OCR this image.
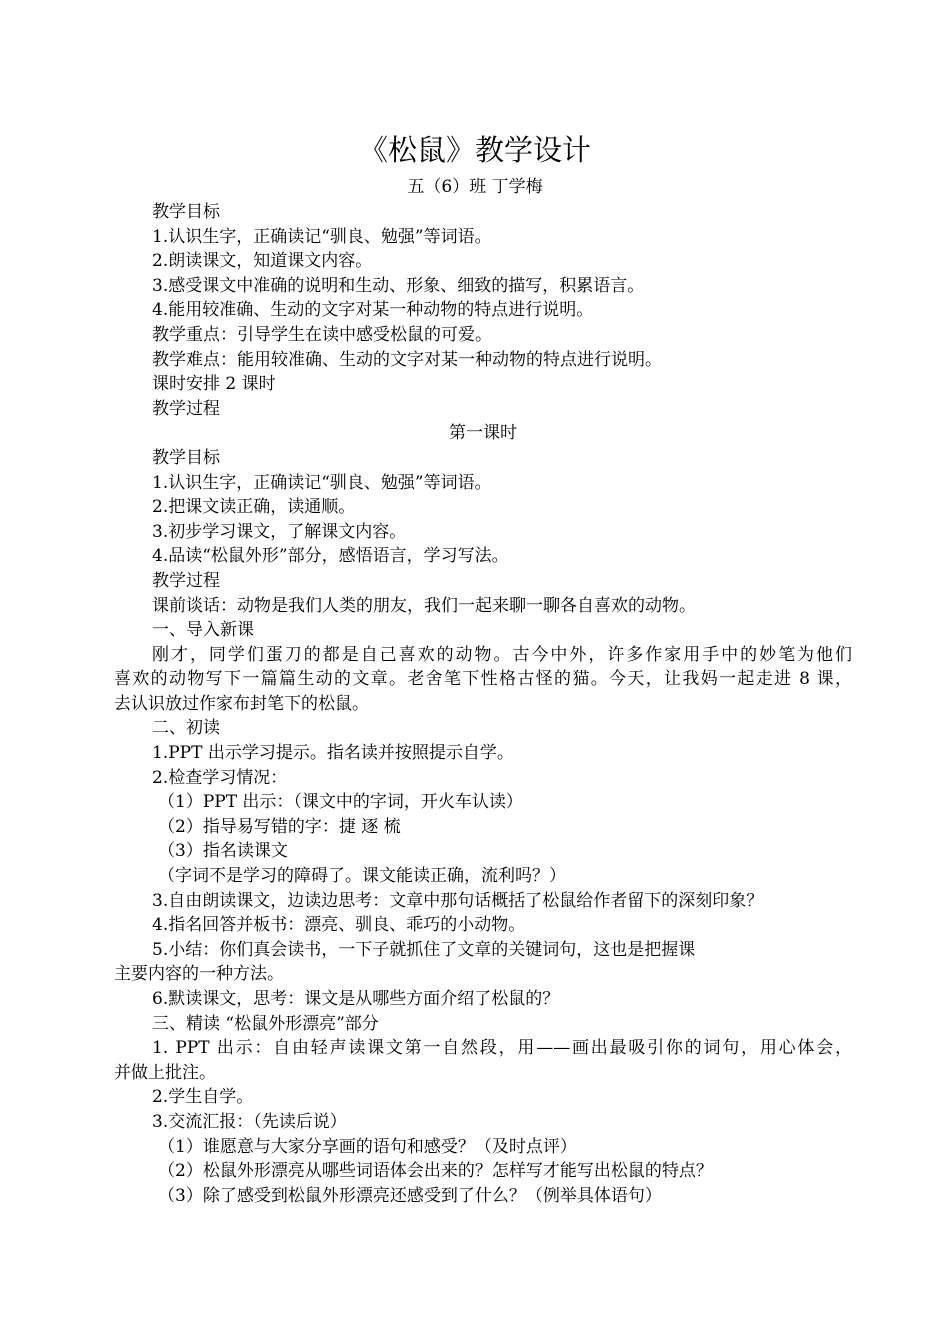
《松鼠》教学设计
五（6）班 丁学梅
教学目标
1.认识生字，正确读记“驯良、勉强”等词语。
2.朗读课文，知道课文内容。
3.感受课文中准确的说明和生动、形象、细致的描写，积累语言。
4.能用较准确、生动的文字对某一种动物的特点进行说明。
教学重点：引导学生在读中感受松鼠的可爱。
教学难点：能用较准确、生动的文字对某一种动物的特点进行说明。
课时安排 2 课时
教学过程
第一课时
教学目标
1.认识生字，正确读记“驯良、勉强”等词语。
2.把课文读正确，读通顺。
3.初步学习课文，了解课文内容。
4.品读“松鼠外形”部分，感悟语言，学习写法。
教学过程
课前谈话：动物是我们人类的朋友，我们一起来聊一聊各自喜欢的动物。
一、导入新课
刚才，同学们蛋刀的都是自己喜欢的动物。古今中外，许多作家用手中的妙笔为他们
喜欢的动物写下一篇篇生动的文章。老舍笔下性格古怪的猫。今天，让我妈一起走进 8 课，
去认识放过作家布封笔下的松鼠。
二、初读
1.PPT 出示学习提示。指名读并按照提示自学。
2.检查学习情况：
（1）PPT 出示：（课文中的字词，开火车认读）
（2）指导易写错的字：捷 逐 梳
（3）指名读课文
（字词不是学习的障碍了。课文能读正确，流利吗？）
3.自由朗读课文，边读边思考：文章中那句话概括了松鼠给作者留下的深刻印象？
4.指名回答并板书：漂亮、驯良、乖巧的小动物。
5.小结：你们真会读书，一下子就抓住了文章的关键词句，这也是把握课
主要内容的一种方法。
6.默读课文，思考：课文是从哪些方面介绍了松鼠的？
三、精读 “松鼠外形漂亮”部分
1. PPT 出示：自由轻声读课文第一自然段，用——画出最吸引你的词句，用心体会，
并做上批注。
2.学生自学。
3.交流汇报：（先读后说）
（1）谁愿意与大家分享画的语句和感受？（及时点评）
（2）松鼠外形漂亮从哪些词语体会出来的？怎样写才能写出松鼠的特点？
（3）除了感受到松鼠外形漂亮还感受到了什么？（例举具体语句）
